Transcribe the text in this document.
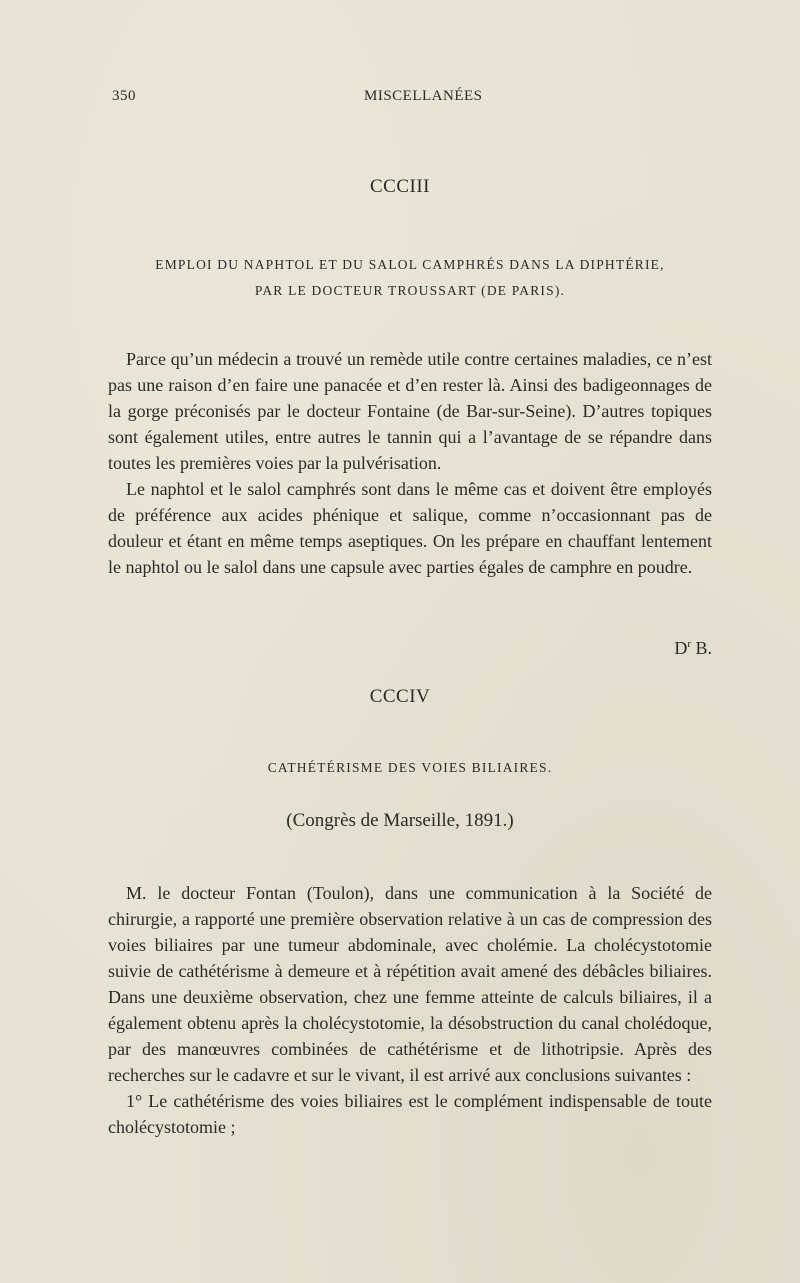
350	MISCELLANÉES
CCCIII
EMPLOI DU NAPHTOL ET DU SALOL CAMPHRÉS DANS LA DIPHTÉRIE,
PAR LE DOCTEUR TROUSSART (DE PARIS).

Parce qu’un médecin a trouvé un remède utile contre certaines maladies, ce n’est pas une raison d’en faire une panacée et d’en rester là. Ainsi des badigeonnages de la gorge préconisés par le docteur Fontaine (de Bar-sur-Seine). D’autres topiques sont également utiles, entre autres le tannin qui a l’avantage de se répandre dans toutes les premières voies par la pulvérisation.

Le naphtol et le salol camphrés sont dans le même cas et doivent être employés de préférence aux acides phénique et salique, comme n’occasionnant pas de douleur et étant en même temps aseptiques. On les prépare en chauffant lentement le naphtol ou le salol dans une capsule avec parties égales de camphre en poudre.

$D^r$ B.
CCCIV
CATHÉTÉRISME DES VOIES BILIAIRES.
(Congrès de Marseille, 1891.)

M. le docteur Fontan (Toulon), dans une communication à la Société de chirurgie, a rapporté une première observation relative à un cas de compression des voies biliaires par une tumeur abdominale, avec cholémie. La cholécystotomie suivie de cathétérisme à demeure et à répétition avait amené des débâcles biliaires. Dans une deuxième observation, chez une femme atteinte de calculs biliaires, il a également obtenu après la cholécystotomie, la désobstruction du canal cholédoque, par des manœuvres combinées de cathétérisme et de lithotripsie. Après des recherches sur le cadavre et sur le vivant, il est arrivé aux conclusions suivantes :

1° Le cathétérisme des voies biliaires est le complément indispensable de toute cholécystotomie ;
